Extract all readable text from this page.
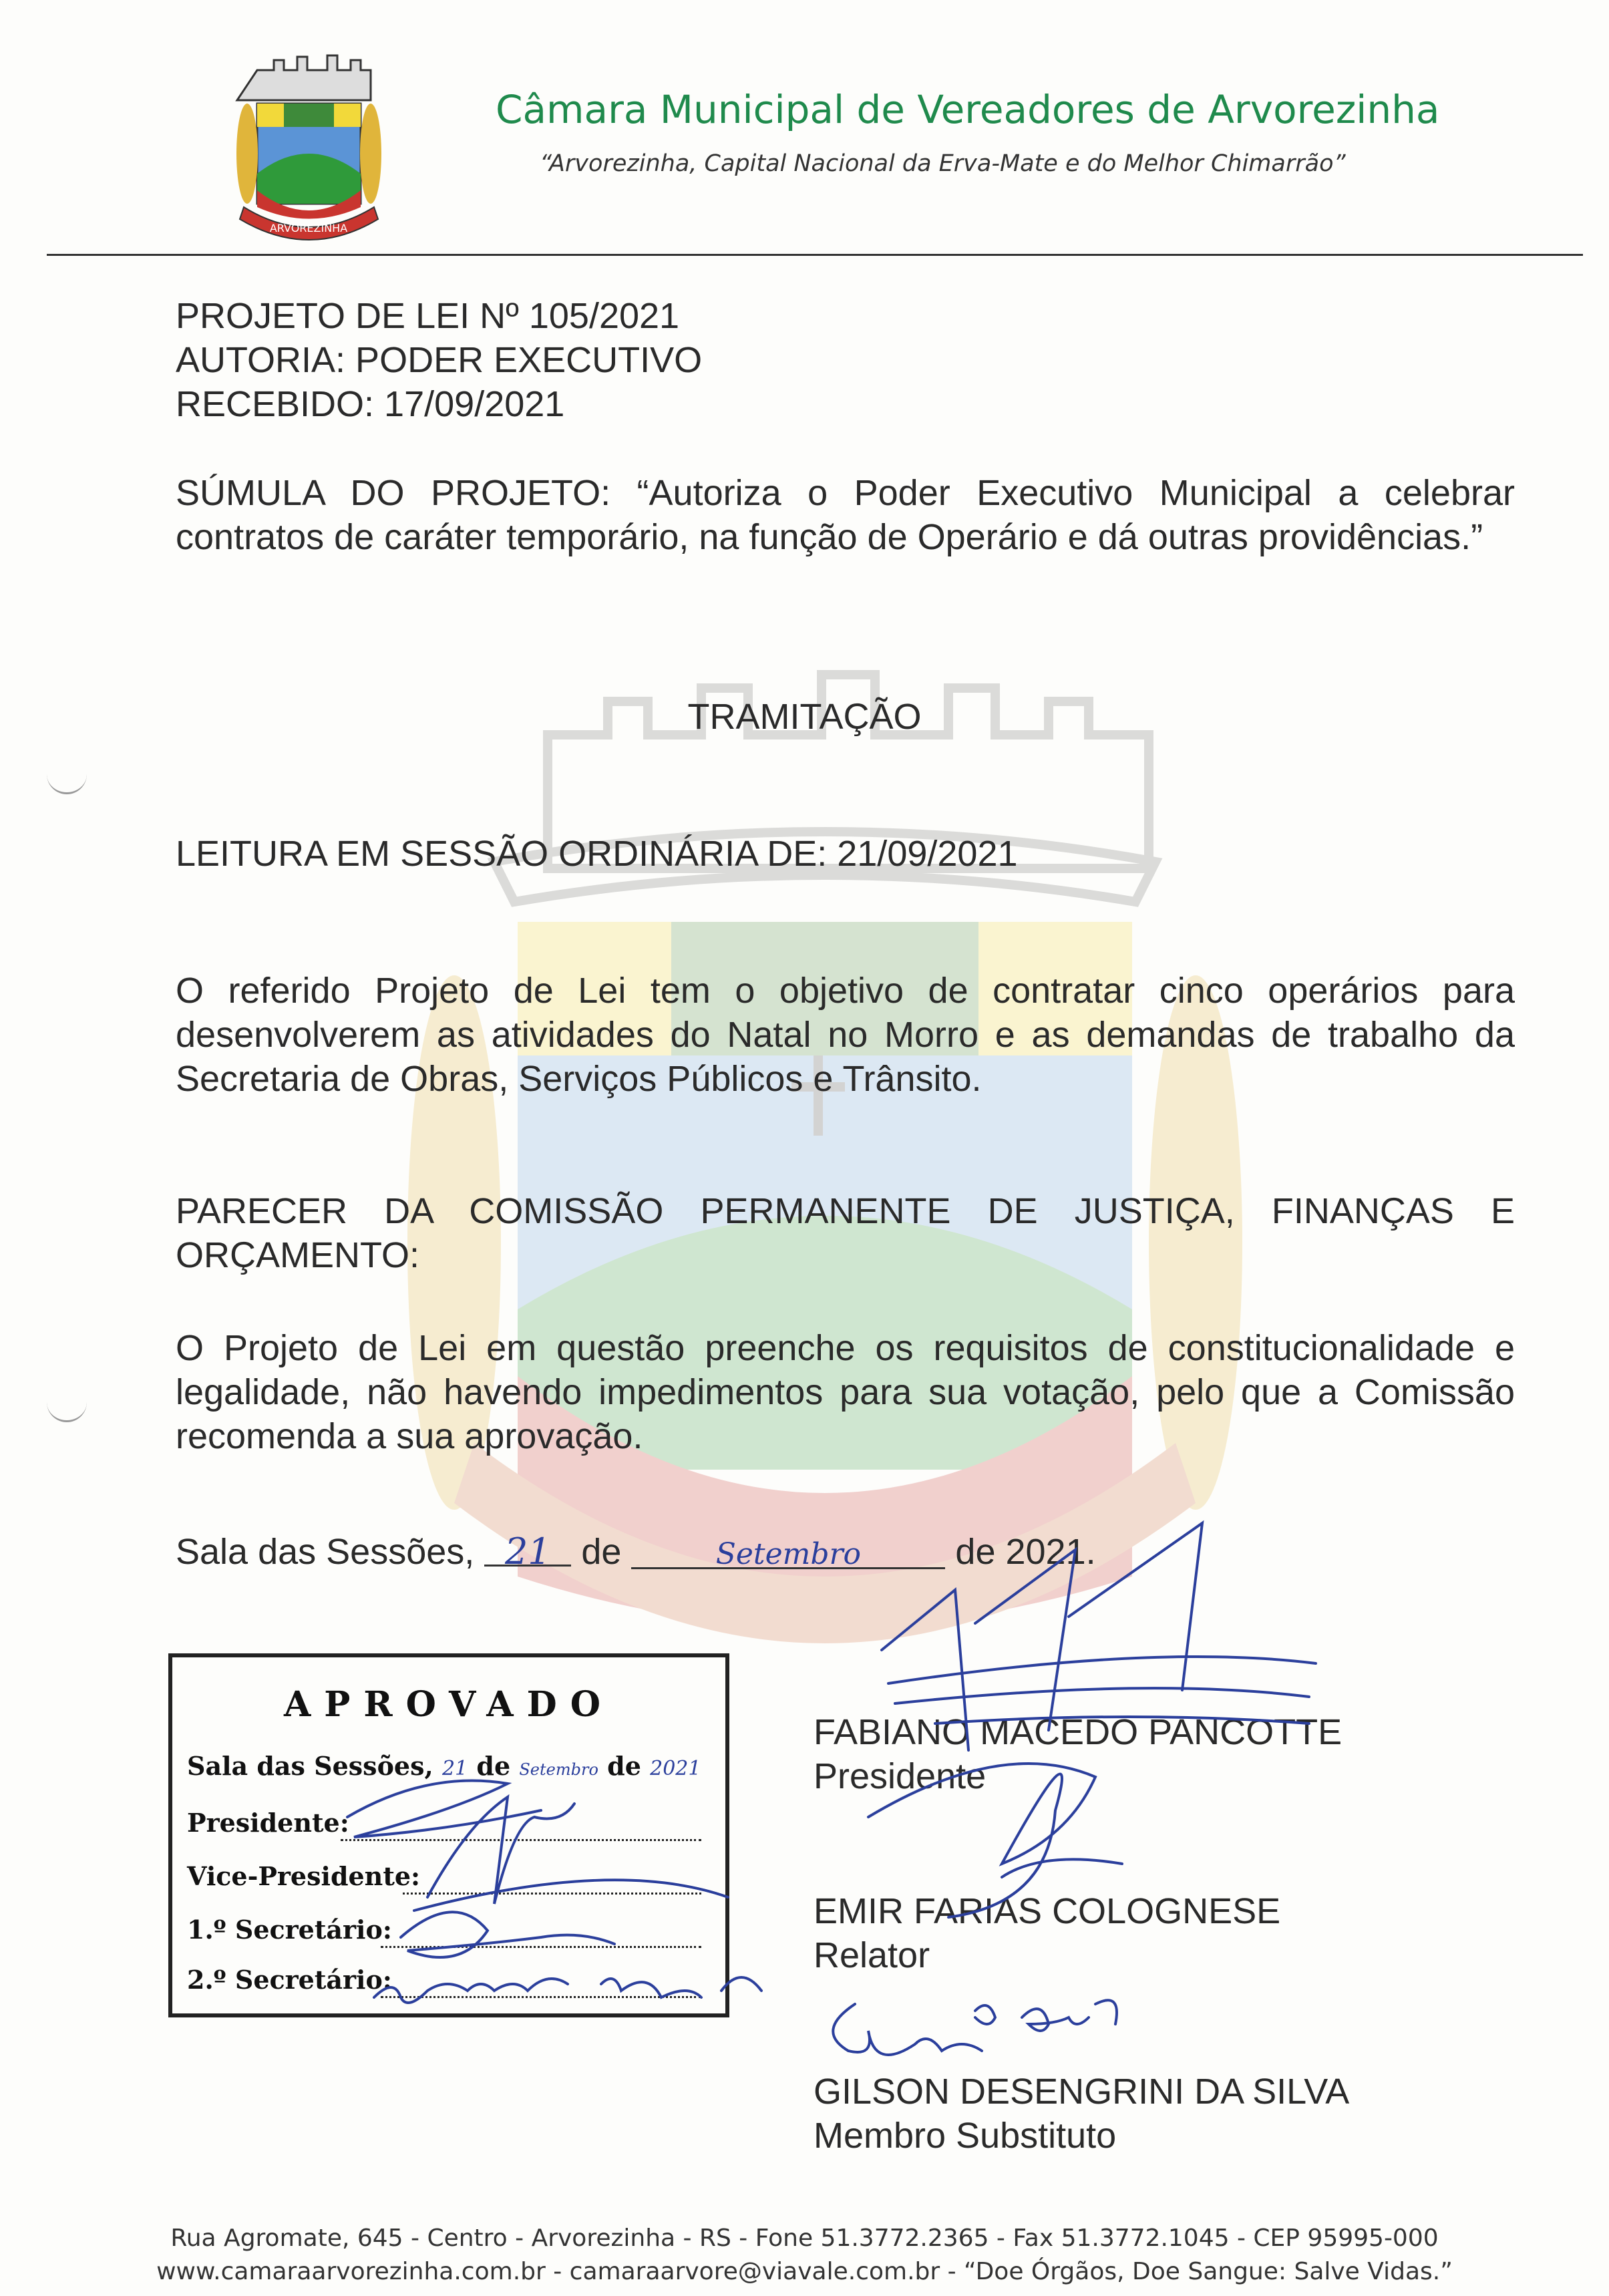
ARVOREZINHA
Câmara Municipal de Vereadores de Arvorezinha
“Arvorezinha, Capital Nacional da Erva-Mate e do Melhor Chimarrão”
PROJETO DE LEI Nº 105/2021
AUTORIA: PODER EXECUTIVO
RECEBIDO: 17/09/2021
SÚMULA DO PROJETO: “Autoriza o Poder Executivo Municipal a celebrar contratos de caráter temporário, na função de Operário e dá outras providências.”
TRAMITAÇÃO
LEITURA EM SESSÃO ORDINÁRIA DE: 21/09/2021
O referido Projeto de Lei tem o objetivo de contratar cinco operários para desenvolverem as atividades do Natal no Morro e as demandas de trabalho da Secretaria de Obras, Serviços Públicos e Trânsito.
PARECER DA COMISSÃO PERMANENTE DE JUSTIÇA, FINANÇAS E ORÇAMENTO:
O Projeto de Lei em questão preenche os requisitos de constitucionalidade e legalidade, não havendo impedimentos para sua votação, pelo que a Comissão recomenda a sua aprovação.
Sala das Sessões, 21 de	Setembro	de 2021.
APROVADO
Sala das Sessões, 21 de Setembro de 2021
Presidente:
Vice-Presidente:
1.º Secretário:
2.º Secretário:
FABIANO MACEDO PANCOTTE
Presidente
EMIR FARIAS COLOGNESE
Relator
GILSON DESENGRINI DA SILVA
Membro Substituto
Rua Agromate, 645 - Centro - Arvorezinha - RS - Fone 51.3772.2365 - Fax 51.3772.1045 - CEP 95995-000
www.camaraarvorezinha.com.br - camaraarvore@viavale.com.br - “Doe Órgãos, Doe Sangue: Salve Vidas.”
